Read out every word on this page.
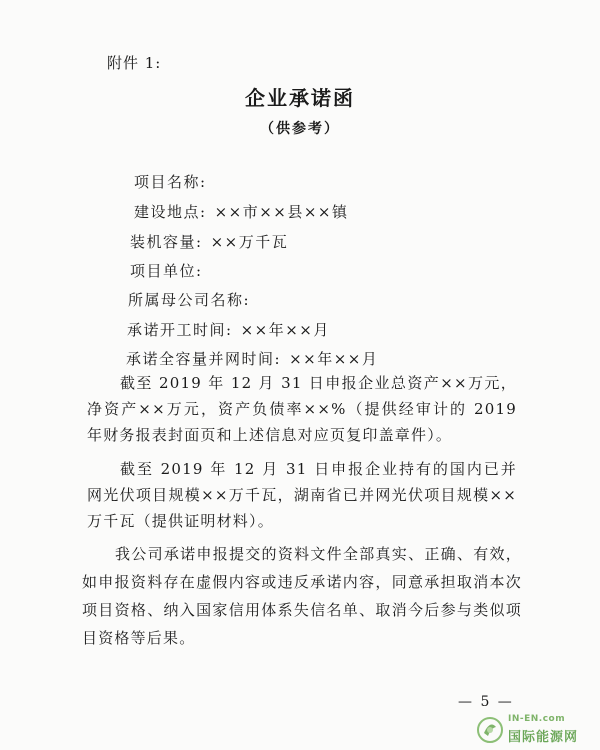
附件 1:
企业承诺函
（供参考）
项目名称:
建设地点: ××市××县××镇
装机容量: ××万千瓦
项目单位:
所属母公司名称:
承诺开工时间: ××年××月
承诺全容量并网时间: ××年××月
截至 2019 年 12 月 31 日申报企业总资产××万元，净资产××万元，资产负债率××%（提供经审计的 2019 年财务报表封面页和上述信息对应页复印盖章件）。
截至 2019 年 12 月 31 日申报企业持有的国内已并网光伏项目规模××万千瓦，湖南省已并网光伏项目规模××万千瓦（提供证明材料）。
我公司承诺申报提交的资料文件全部真实、正确、有效，如申报资料存在虚假内容或违反承诺内容，同意承担取消本次项目资格、纳入国家信用体系失信名单、取消今后参与类似项目资格等后果。
— 5 —
IN-EN.com
国际能源网
